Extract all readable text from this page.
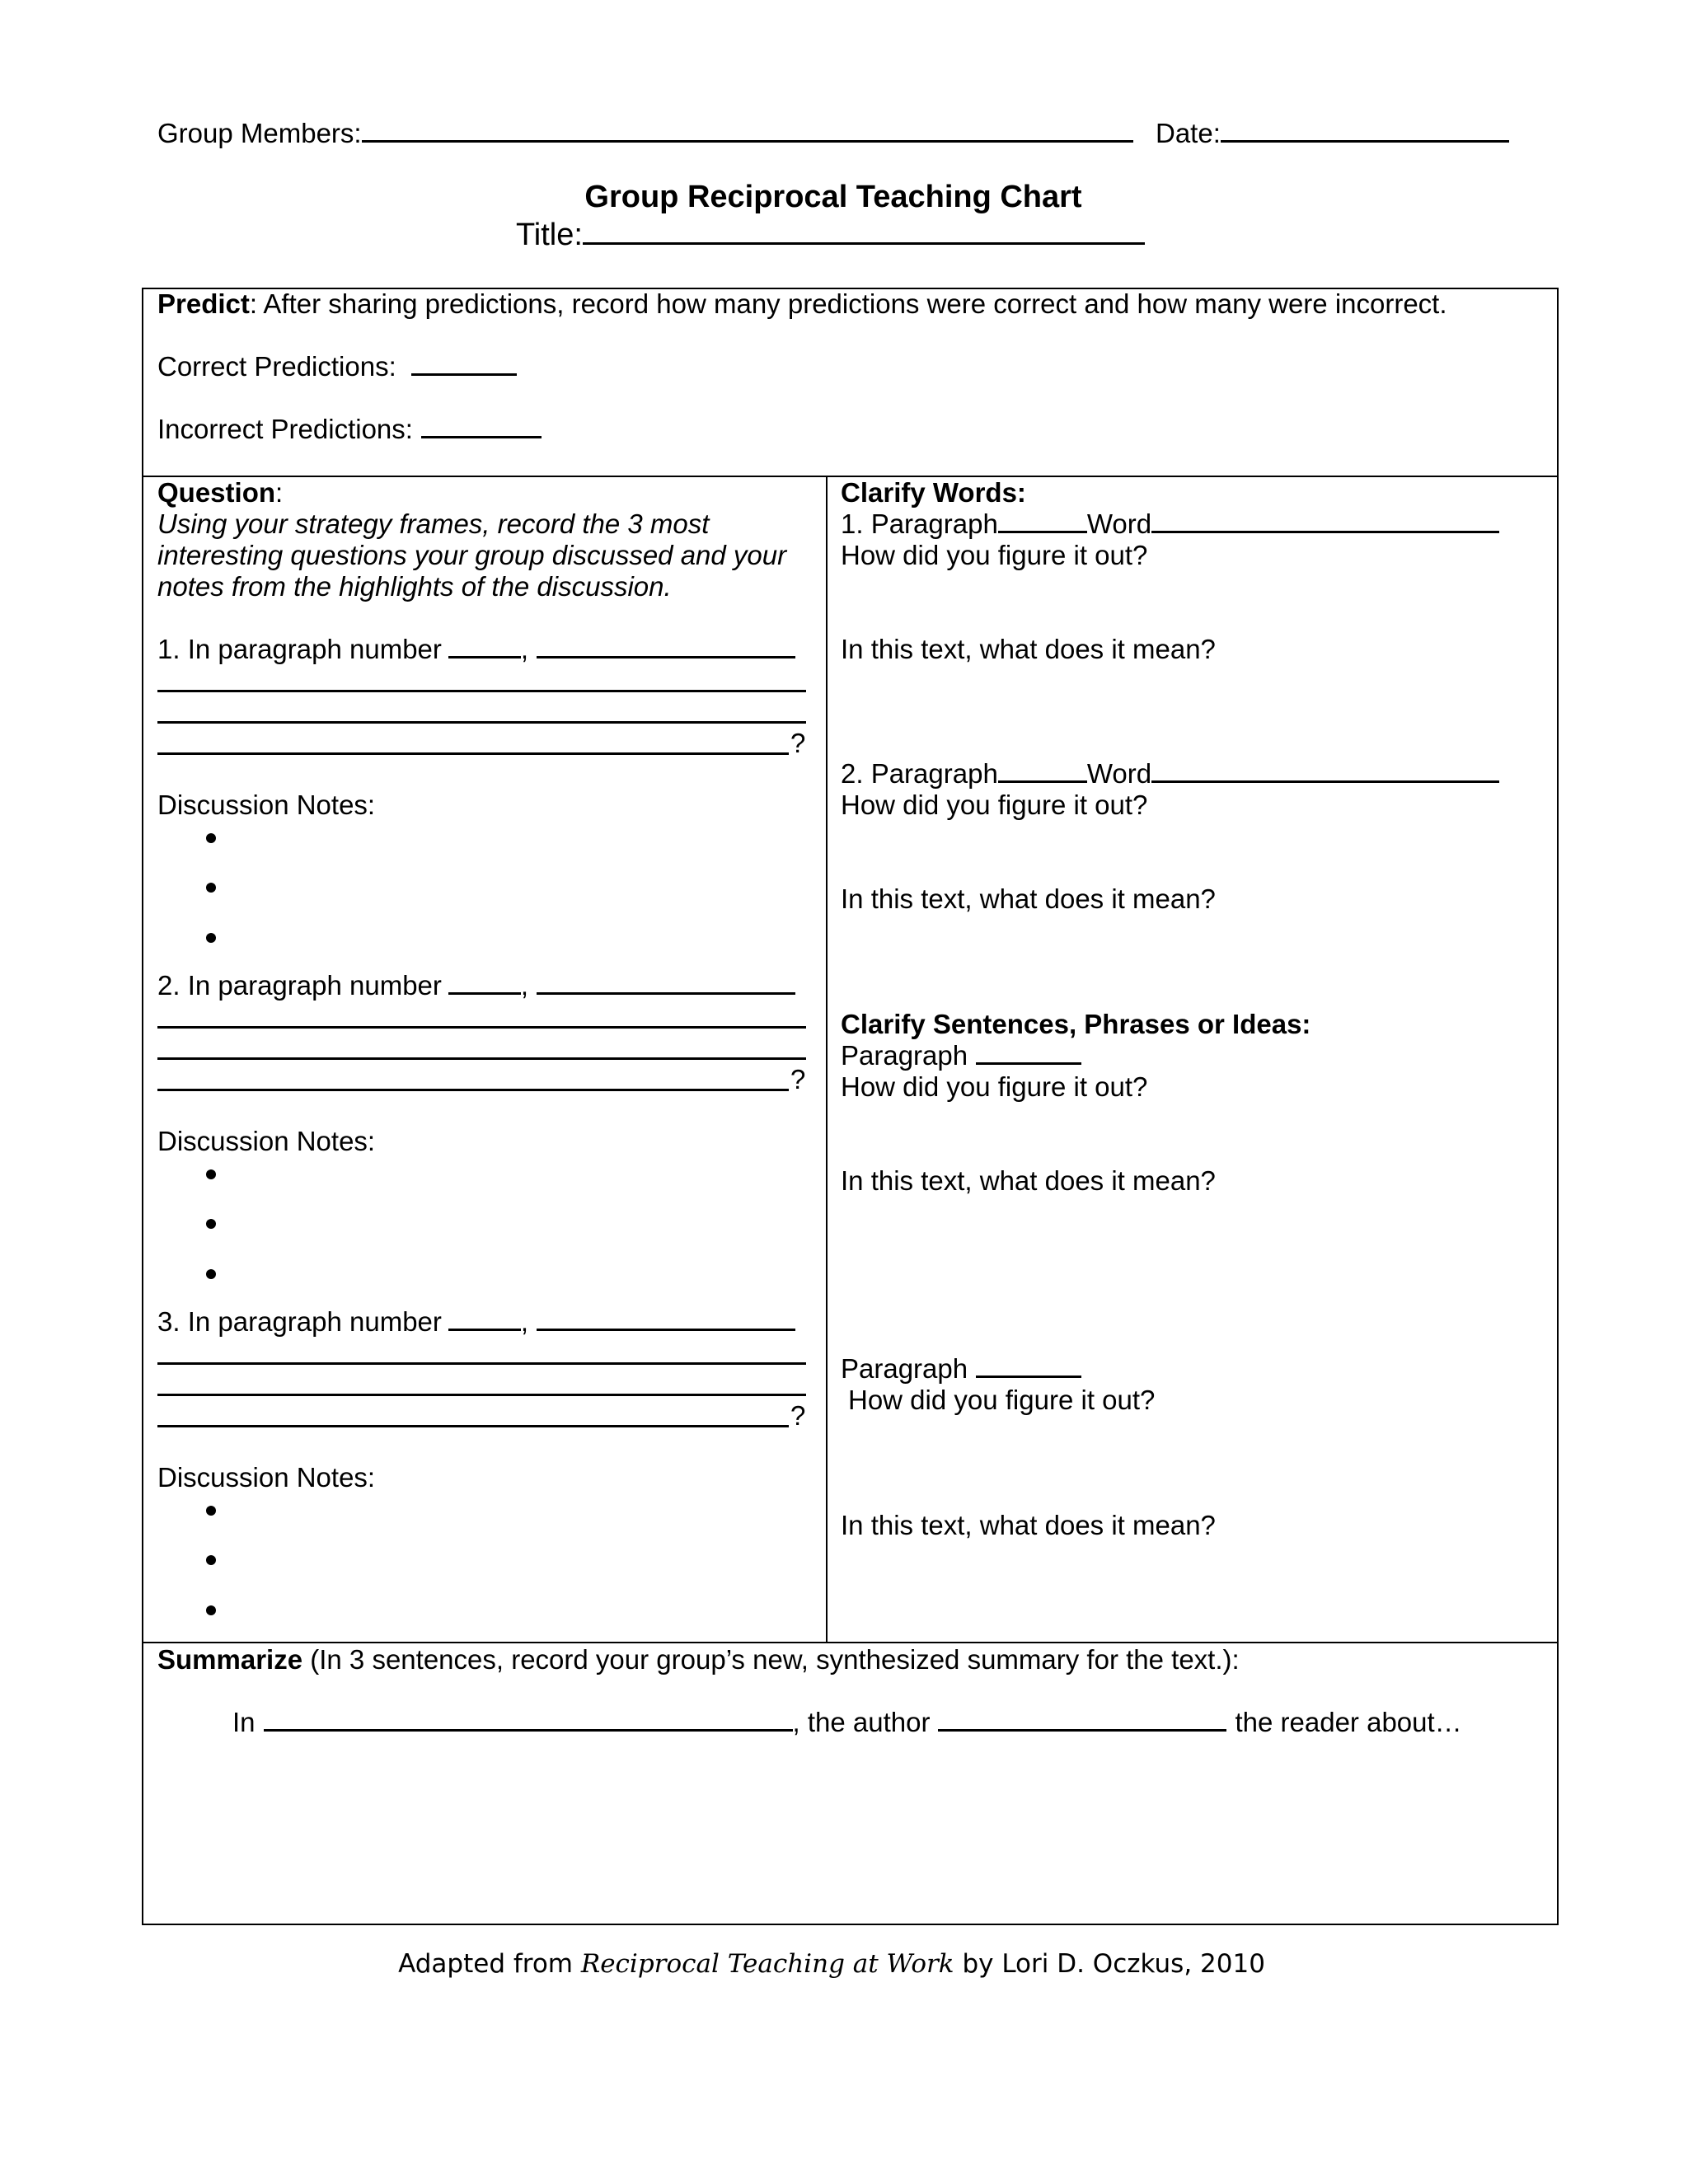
Group Members:	Date:
Group Reciprocal Teaching Chart
Title:
Predict: After sharing predictions, record how many predictions were correct and how many were incorrect.
Correct Predictions:
Incorrect Predictions:
Question:
Using your strategy frames, record the 3 most
interesting questions your group discussed and your
notes from the highlights of the discussion.
1. In paragraph number	,
?
Discussion Notes:
2. In paragraph number	,
?
Discussion Notes:
3. In paragraph number	,
?
Discussion Notes:
Clarify Words:
1. Paragraph	Word
How did you figure it out?
In this text, what does it mean?
2. Paragraph	Word
How did you figure it out?
In this text, what does it mean?
Clarify Sentences, Phrases or Ideas:
Paragraph
How did you figure it out?
In this text, what does it mean?
Paragraph
How did you figure it out?
In this text, what does it mean?
Summarize (In 3 sentences, record your group’s new, synthesized summary for the text.):
In	, the author	the reader about…
Adapted from Reciprocal Teaching at Work by Lori D. Oczkus, 2010
